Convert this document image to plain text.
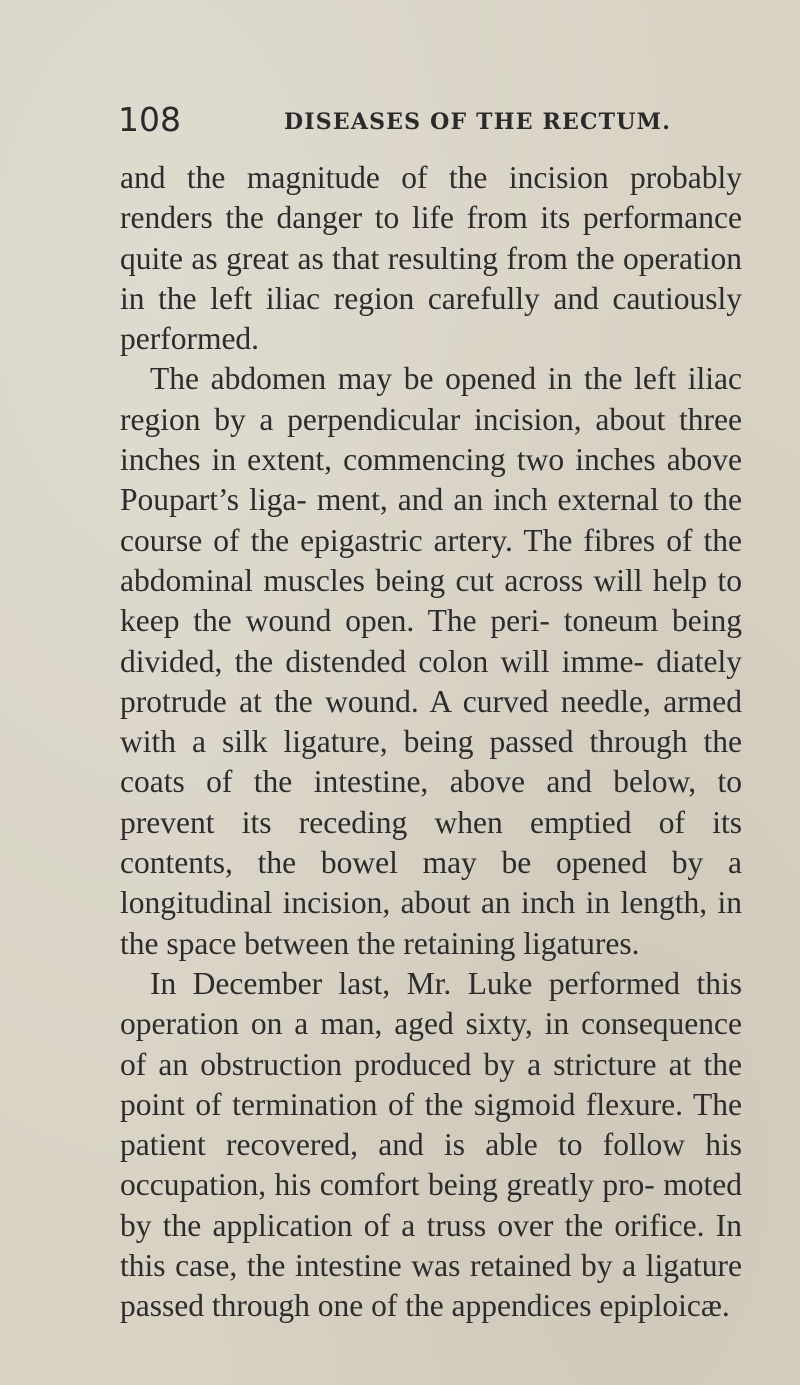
108	DISEASES OF THE RECTUM.

and the magnitude of the incision probably renders the danger to life from its performance quite as great as that resulting from the operation in the left iliac region carefully and cautiously performed.

The abdomen may be opened in the left iliac region by a perpendicular incision, about three inches in extent, commencing two inches above Poupart’s liga- ment, and an inch external to the course of the epigastric artery. The fibres of the abdominal muscles being cut across will help to keep the wound open. The peri- toneum being divided, the distended colon will imme- diately protrude at the wound. A curved needle, armed with a silk ligature, being passed through the coats of the intestine, above and below, to prevent its receding when emptied of its contents, the bowel may be opened by a longitudinal incision, about an inch in length, in the space between the retaining ligatures.

In December last, Mr. Luke performed this operation on a man, aged sixty, in consequence of an obstruction produced by a stricture at the point of termination of the sigmoid flexure. The patient recovered, and is able to follow his occupation, his comfort being greatly pro- moted by the application of a truss over the orifice. In this case, the intestine was retained by a ligature passed through one of the appendices epiploicæ.
